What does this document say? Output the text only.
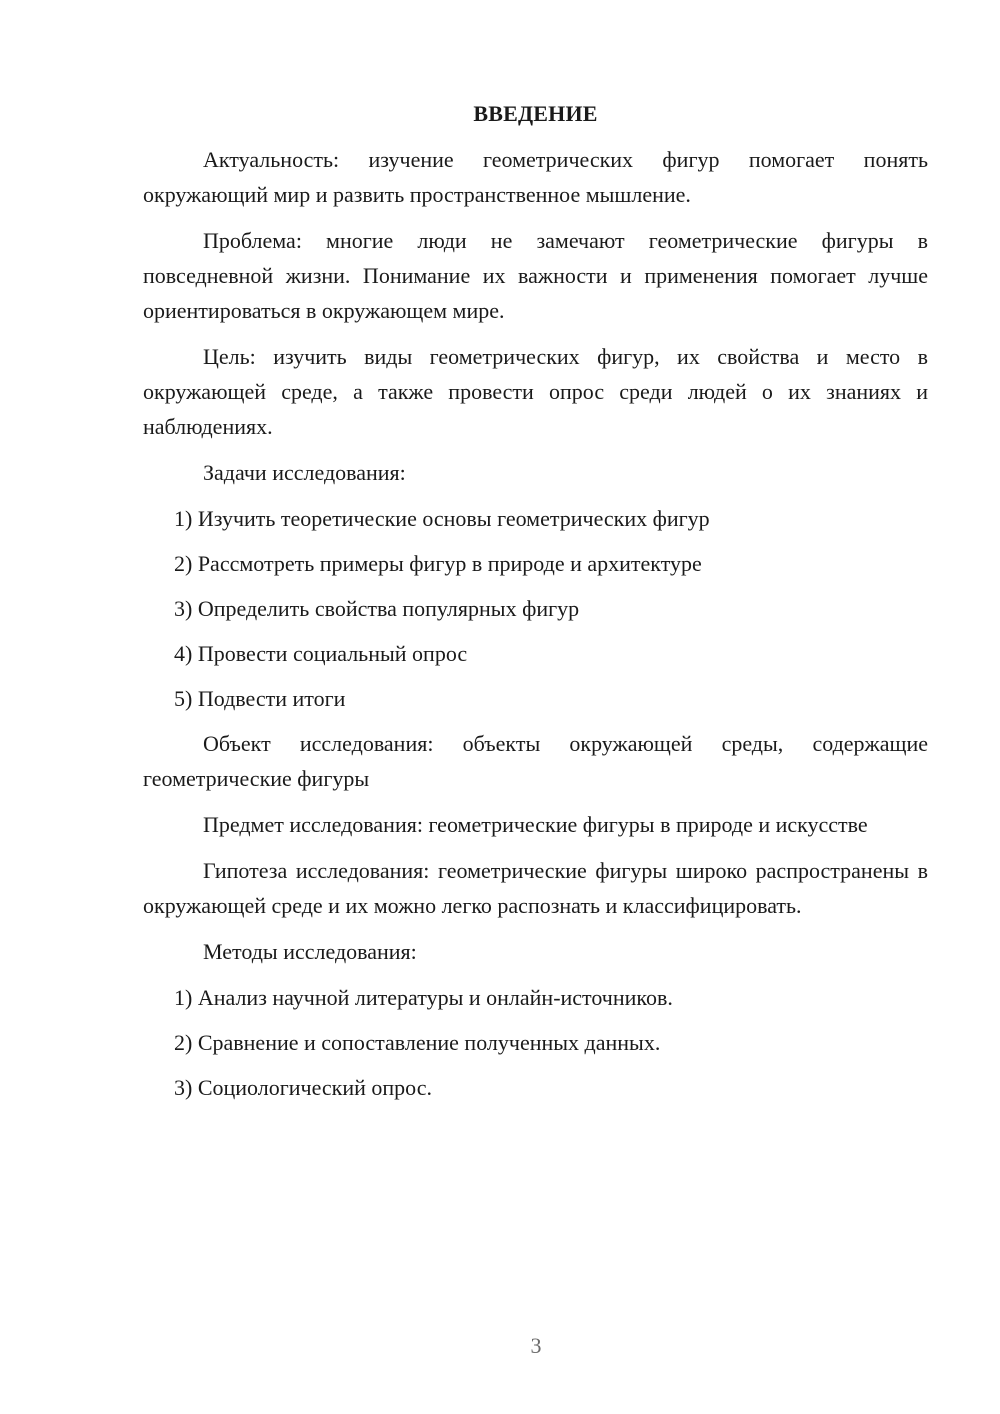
ВВЕДЕНИЕ

Актуальность: изучение геометрических фигур помогает понять окружающий мир и развить пространственное мышление.

Проблема: многие люди не замечают геометрические фигуры в повседневной жизни. Понимание их важности и применения помогает лучше ориентироваться в окружающем мире.

Цель: изучить виды геометрических фигур, их свойства и место в окружающей среде, а также провести опрос среди людей о их знаниях и наблюдениях.

Задачи исследования:

1) Изучить теоретические основы геометрических фигур
2) Рассмотреть примеры фигур в природе и архитектуре
3) Определить свойства популярных фигур
4) Провести социальный опрос
5) Подвести итоги

Объект исследования: объекты окружающей среды, содержащие геометрические фигуры

Предмет исследования: геометрические фигуры в природе и искусстве

Гипотеза исследования: геометрические фигуры широко распространены в окружающей среде и их можно легко распознать и классифицировать.

Методы исследования:

1) Анализ научной литературы и онлайн-источников.
2) Сравнение и сопоставление полученных данных.
3) Социологический опрос.
3
